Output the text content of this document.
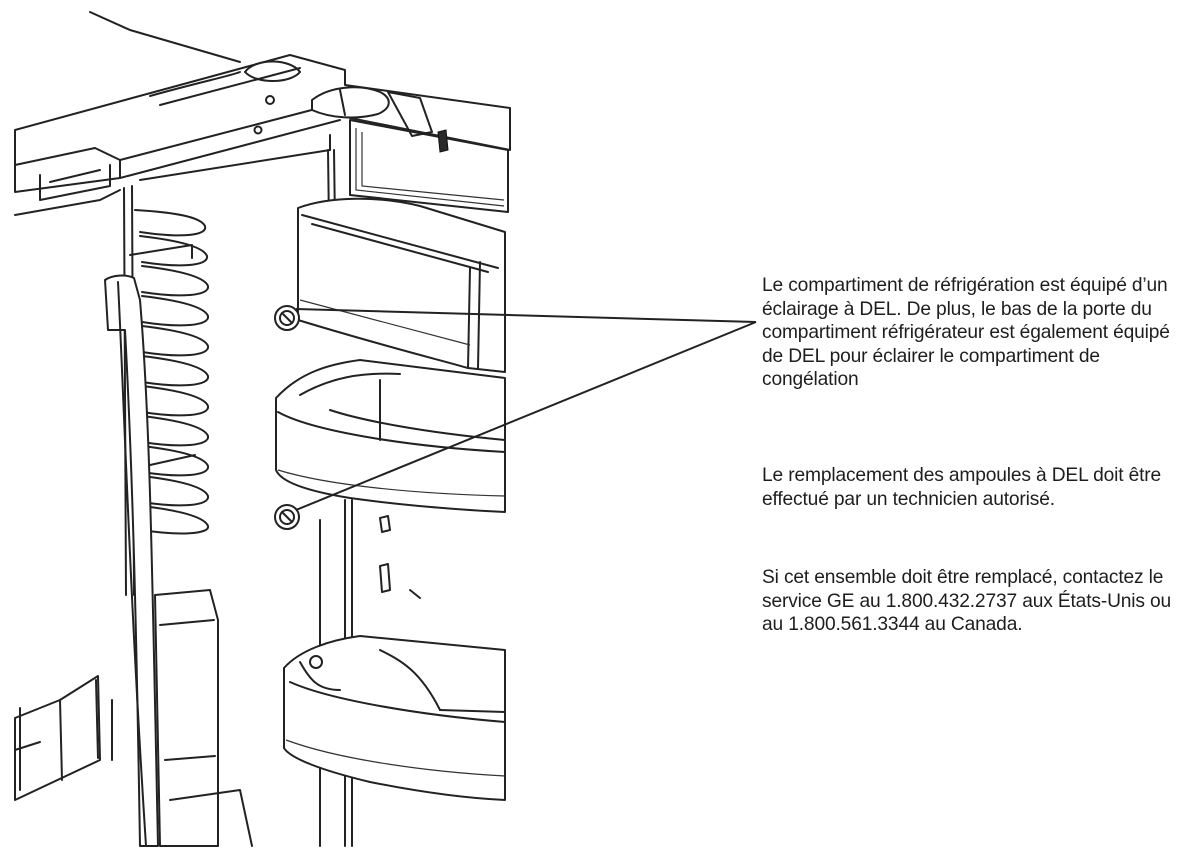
Le compartiment de réfrigération est équipé d’un éclairage à DEL. De plus, le bas de la porte du compartiment réfrigérateur est également équipé de DEL pour éclairer le compartiment de congélation

Le remplacement des ampoules à DEL doit être effectué par un technicien autorisé.

Si cet ensemble doit être remplacé, contactez le service GE au 1.800.432.2737 aux États-Unis ou au 1.800.561.3344 au Canada.
